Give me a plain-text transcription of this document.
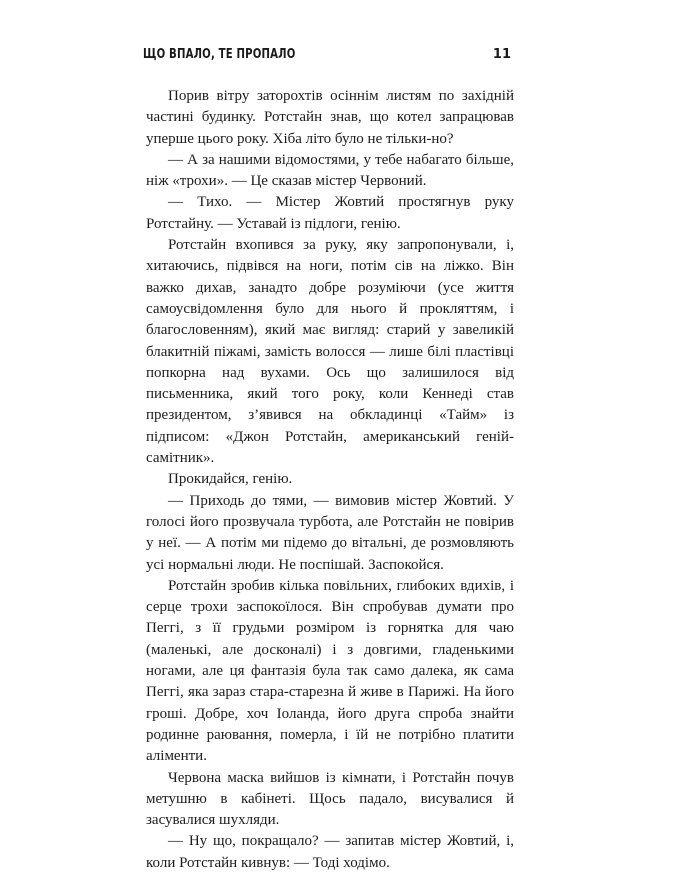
ЩО ВПАЛО, ТЕ ПРОПАЛО	11

Порив вітру заторохтів осіннім листям по західній частині будинку. Ротстайн знав, що котел запрацював уперше цього року. Хіба літо було не тільки-но?

— А за нашими відомостями, у тебе набагато більше, ніж «трохи». — Це сказав містер Червоний.

— Тихо. — Містер Жовтий простягнув руку Ротстайну. — Уставай із підлоги, генію.

Ротстайн вхопився за руку, яку запропонували, і, хитаючись, підвівся на ноги, потім сів на ліжко. Він важко дихав, занадто добре розуміючи (усе життя самоусвідомлення було для нього й прокляттям, і благословенням), який має вигляд: старий у завеликій блакитній піжамі, замість волосся — лише білі пластівці попкорна над вухами. Ось що залишилося від письменника, який того року, коли Кеннеді став президентом, з’явився на обкладинці «Тайм» із підписом: «Джон Ротстайн, американський геній-самітник».

Прокидайся, генію.

— Приходь до тями, — вимовив містер Жовтий. У голосі його прозвучала турбота, але Ротстайн не повірив у неї. — А потім ми підемо до вітальні, де розмовляють усі нормальні люди. Не поспішай. Заспокойся.

Ротстайн зробив кілька повільних, глибоких вдихів, і серце трохи заспокоїлося. Він спробував думати про Пеггі, з її грудьми розміром із горнятка для чаю (маленькі, але досконалі) і з довгими, гладенькими ногами, але ця фантазія була так само далека, як сама Пеггі, яка зараз стара-старезна й живе в Парижі. На його гроші. Добре, хоч Іоланда, його друга спроба знайти родинне раювання, померла, і їй не потрібно платити аліменти.

Червона маска вийшов із кімнати, і Ротстайн почув метушню в кабінеті. Щось падало, висувалися й засувалися шухляди.

— Ну що, покращало? — запитав містер Жовтий, і, коли Ротстайн кивнув: — Тоді ходімо.
